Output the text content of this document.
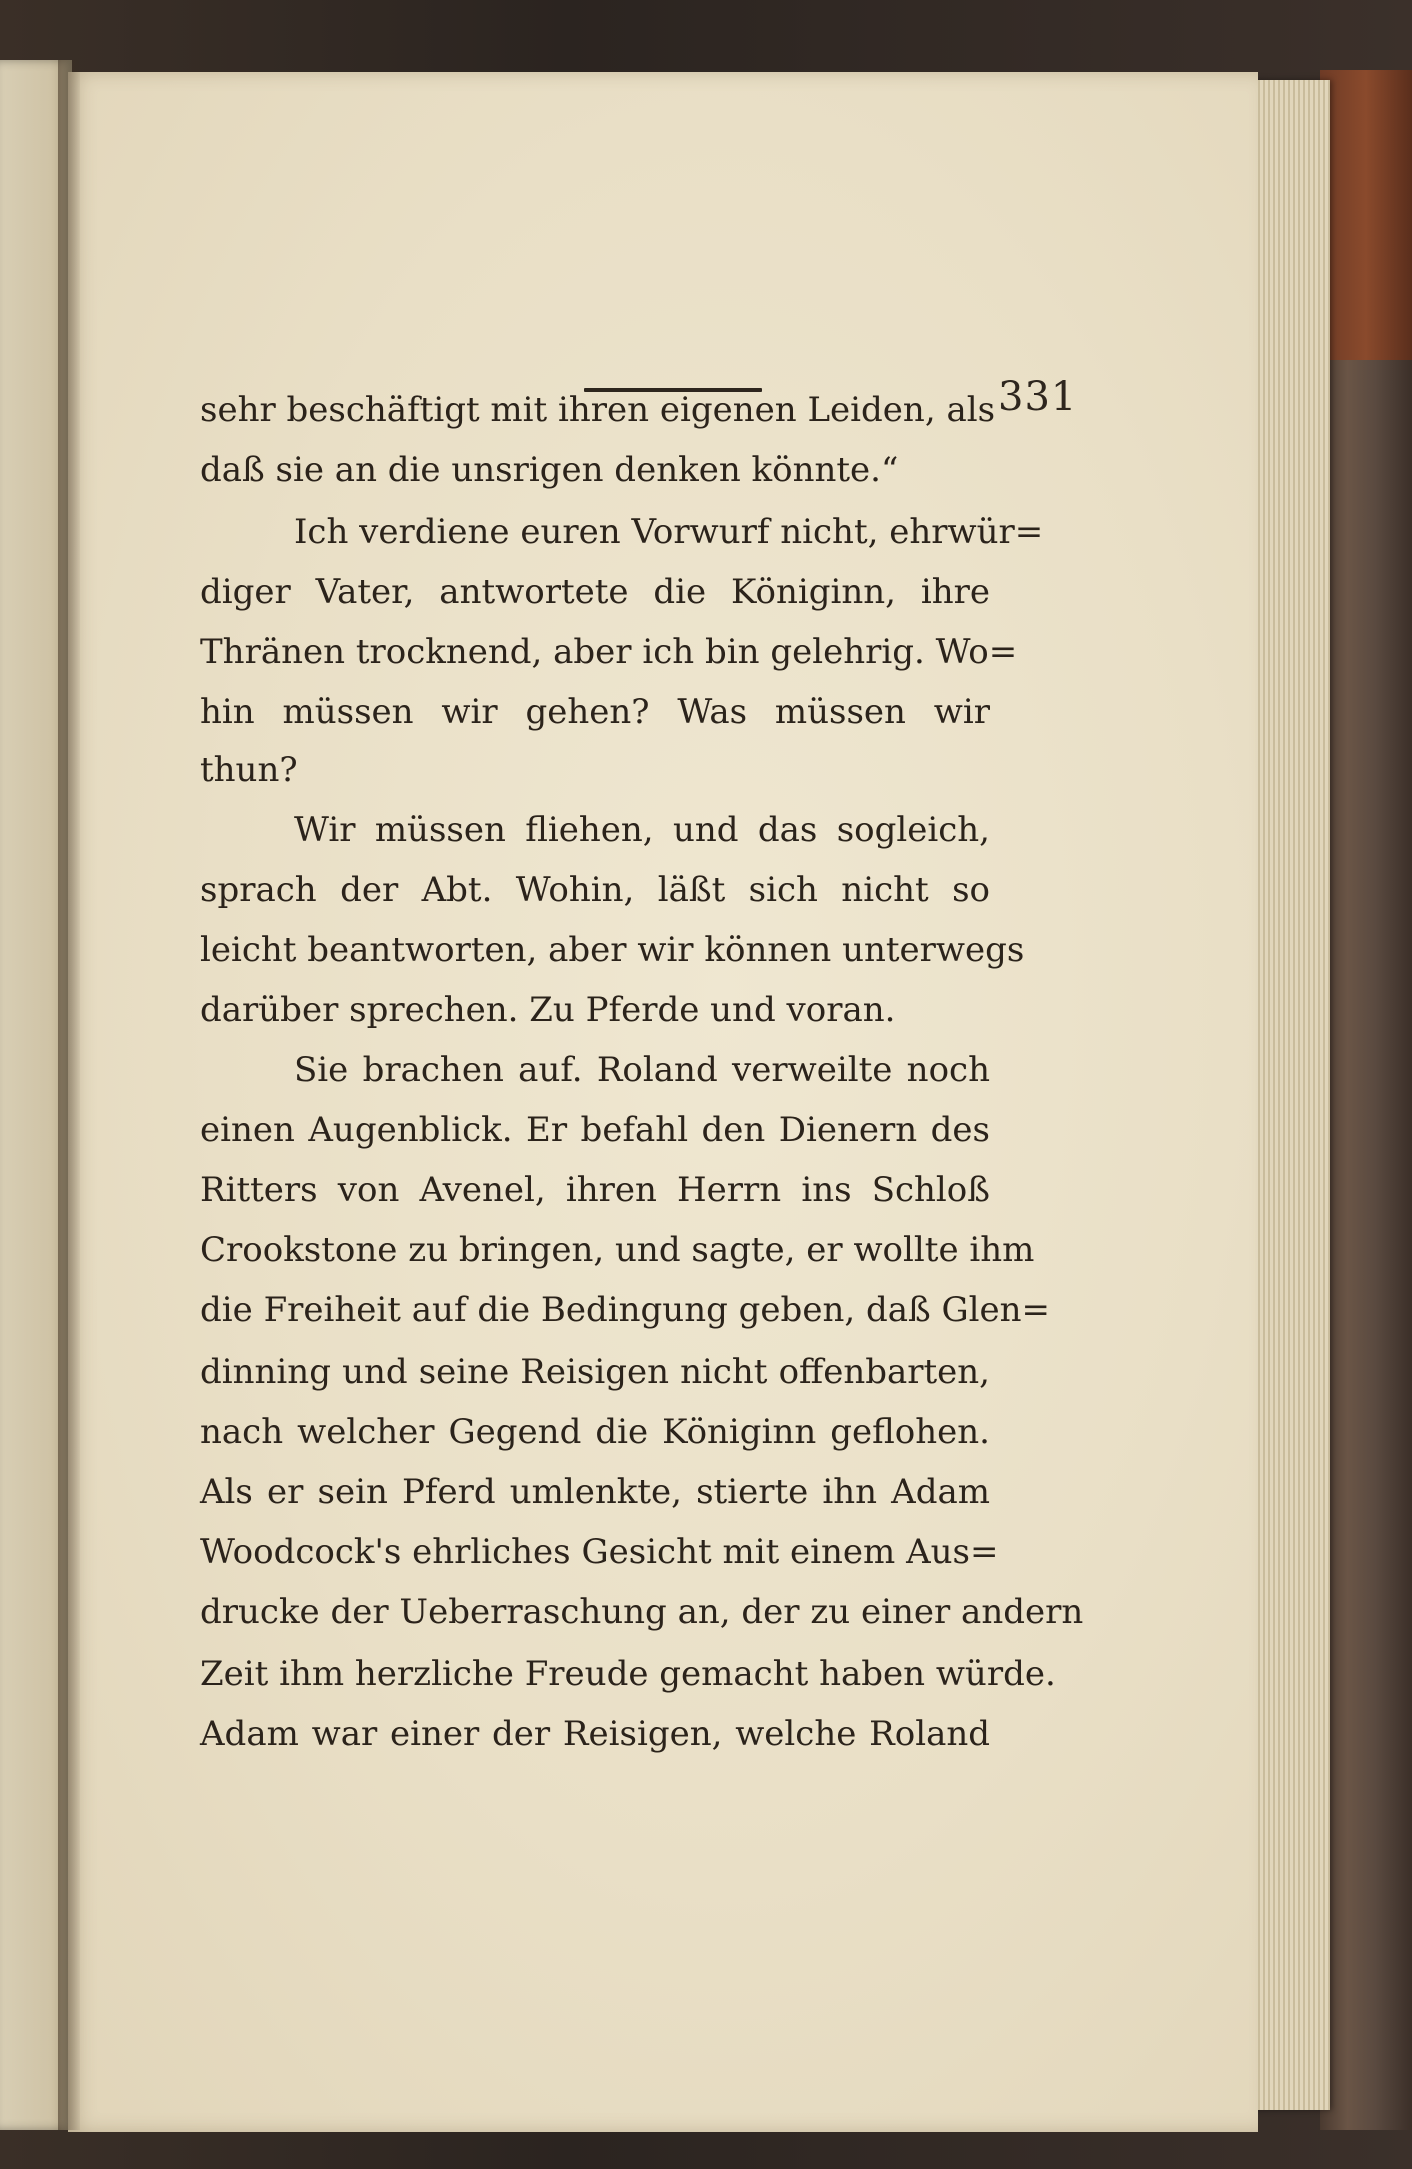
331
sehr beschäftigt mit ihren eigenen Leiden, als
daß sie an die unsrigen denken könnte.“
Ich verdiene euren Vorwurf nicht, ehrwür=
diger Vater, antwortete die Königinn, ihre
Thränen trocknend, aber ich bin gelehrig. Wo=
hin müssen wir gehen? Was müssen wir
thun?
Wir müssen fliehen, und das sogleich,
sprach der Abt. Wohin, läßt sich nicht so
leicht beantworten, aber wir können unterwegs
darüber sprechen. Zu Pferde und voran.
Sie brachen auf. Roland verweilte noch
einen Augenblick. Er befahl den Dienern des
Ritters von Avenel, ihren Herrn ins Schloß
Crookstone zu bringen, und sagte, er wollte ihm
die Freiheit auf die Bedingung geben, daß Glen=
dinning und seine Reisigen nicht offenbarten,
nach welcher Gegend die Königinn geflohen.
Als er sein Pferd umlenkte, stierte ihn Adam
Woodcock's ehrliches Gesicht mit einem Aus=
drucke der Ueberraschung an, der zu einer andern
Zeit ihm herzliche Freude gemacht haben würde.
Adam war einer der Reisigen, welche Roland
